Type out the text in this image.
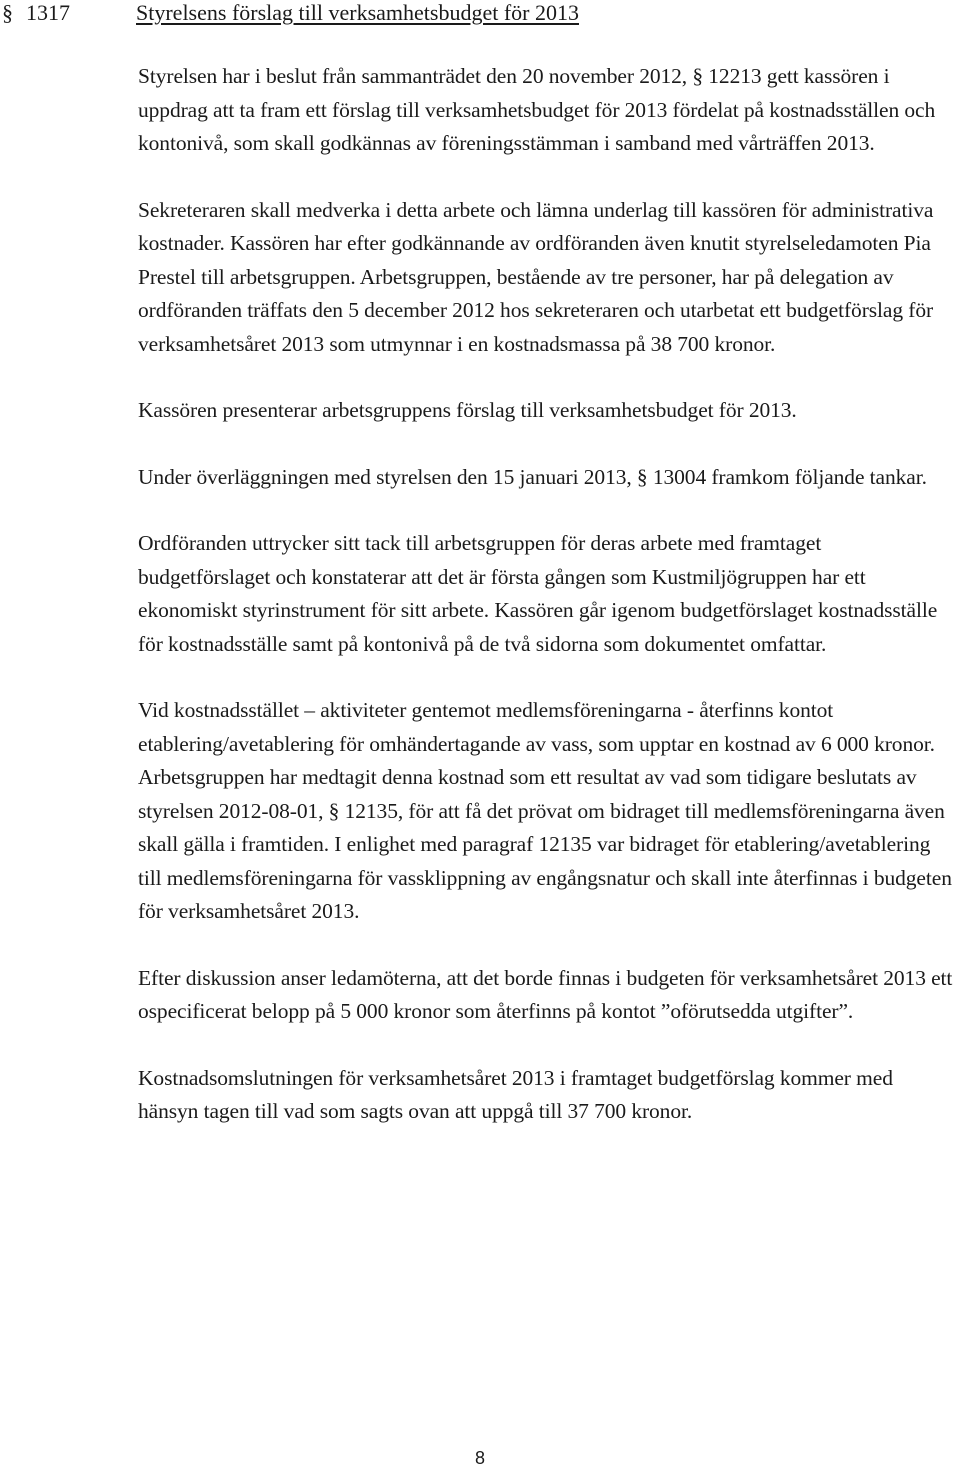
§ 1317	Styrelsens förslag till verksamhetsbudget för 2013

Styrelsen har i beslut från sammanträdet den 20 november 2012, § 12213 gett kassören i uppdrag att ta fram ett förslag till verksamhetsbudget för 2013 fördelat på kostnadsställen och kontonivå, som skall godkännas av föreningsstämman i samband med vårträffen 2013.

Sekreteraren skall medverka i detta arbete och lämna underlag till kassören för administrativa kostnader. Kassören har efter godkännande av ordföranden även knutit styrelseledamoten Pia Prestel till arbetsgruppen. Arbetsgruppen, bestående av tre personer, har på delegation av ordföranden träffats den 5 december 2012 hos sekreteraren och utarbetat ett budgetförslag för verksamhetsåret 2013 som utmynnar i en kostnadsmassa på 38 700 kronor.

Kassören presenterar arbetsgruppens förslag till verksamhetsbudget för 2013.

Under överläggningen med styrelsen den 15 januari 2013, § 13004 framkom följande tankar.

Ordföranden uttrycker sitt tack till arbetsgruppen för deras arbete med framtaget budgetförslaget och konstaterar att det är första gången som Kustmiljögruppen har ett ekonomiskt styrinstrument för sitt arbete. Kassören går igenom budgetförslaget kostnadsställe för kostnadsställe samt på kontonivå på de två sidorna som dokumentet omfattar.

Vid kostnadsstället – aktiviteter gentemot medlemsföreningarna - återfinns kontot etablering/avetablering för omhändertagande av vass, som upptar en kostnad av 6 000 kronor. Arbetsgruppen har medtagit denna kostnad som ett resultat av vad som tidigare beslutats av styrelsen 2012-08-01, § 12135, för att få det prövat om bidraget till medlemsföreningarna även skall gälla i framtiden. I enlighet med paragraf 12135 var bidraget för etablering/avetablering till medlemsföreningarna för vassklippning av engångsnatur och skall inte återfinnas i budgeten för verksamhetsåret 2013.

Efter diskussion anser ledamöterna, att det borde finnas i budgeten för verksamhetsåret 2013 ett ospecificerat belopp på 5 000 kronor som återfinns på kontot ”oförutsedda utgifter”.

Kostnadsomslutningen för verksamhetsåret 2013 i framtaget budgetförslag kommer med hänsyn tagen till vad som sagts ovan att uppgå till 37 700 kronor.

8
